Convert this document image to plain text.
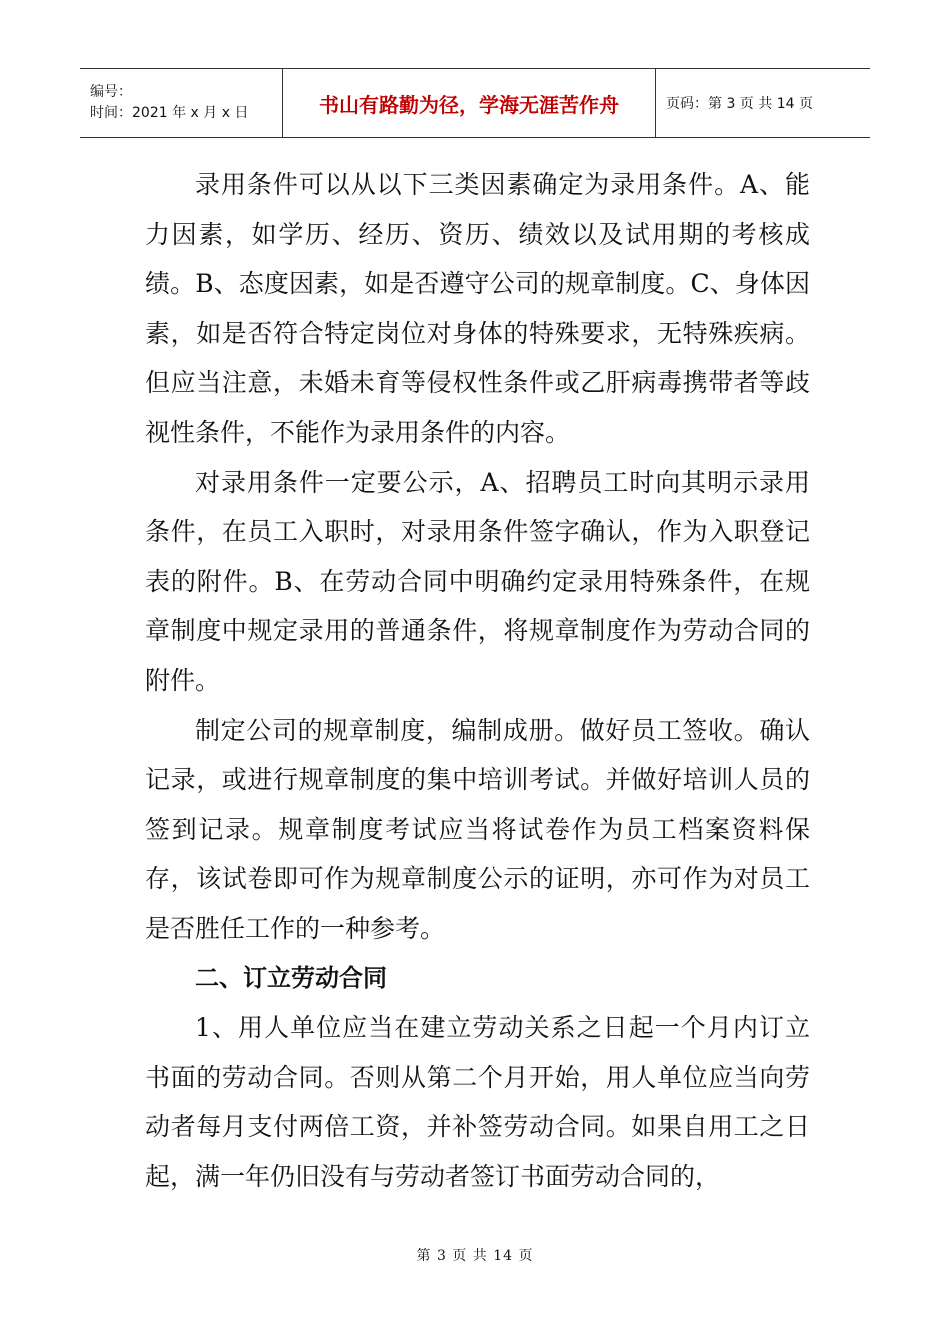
编号：
时间：2021 年 x 月 x 日	书山有路勤为径，学海无涯苦作舟	页码：第 3 页 共 14 页

录用条件可以从以下三类因素确定为录用条件。A、能力因素，如学历、经历、资历、绩效以及试用期的考核成绩。B、态度因素，如是否遵守公司的规章制度。C、身体因素，如是否符合特定岗位对身体的特殊要求，无特殊疾病。但应当注意，未婚未育等侵权性条件或乙肝病毒携带者等歧视性条件，不能作为录用条件的内容。

对录用条件一定要公示，A、招聘员工时向其明示录用条件，在员工入职时，对录用条件签字确认，作为入职登记表的附件。B、在劳动合同中明确约定录用特殊条件，在规章制度中规定录用的普通条件，将规章制度作为劳动合同的附件。

制定公司的规章制度，编制成册。做好员工签收。确认记录，或进行规章制度的集中培训考试。并做好培训人员的签到记录。规章制度考试应当将试卷作为员工档案资料保存，该试卷即可作为规章制度公示的证明，亦可作为对员工是否胜任工作的一种参考。

二、订立劳动合同

1、用人单位应当在建立劳动关系之日起一个月内订立书面的劳动合同。否则从第二个月开始，用人单位应当向劳动者每月支付两倍工资，并补签劳动合同。如果自用工之日起，满一年仍旧没有与劳动者签订书面劳动合同的，

第 3 页 共 14 页
